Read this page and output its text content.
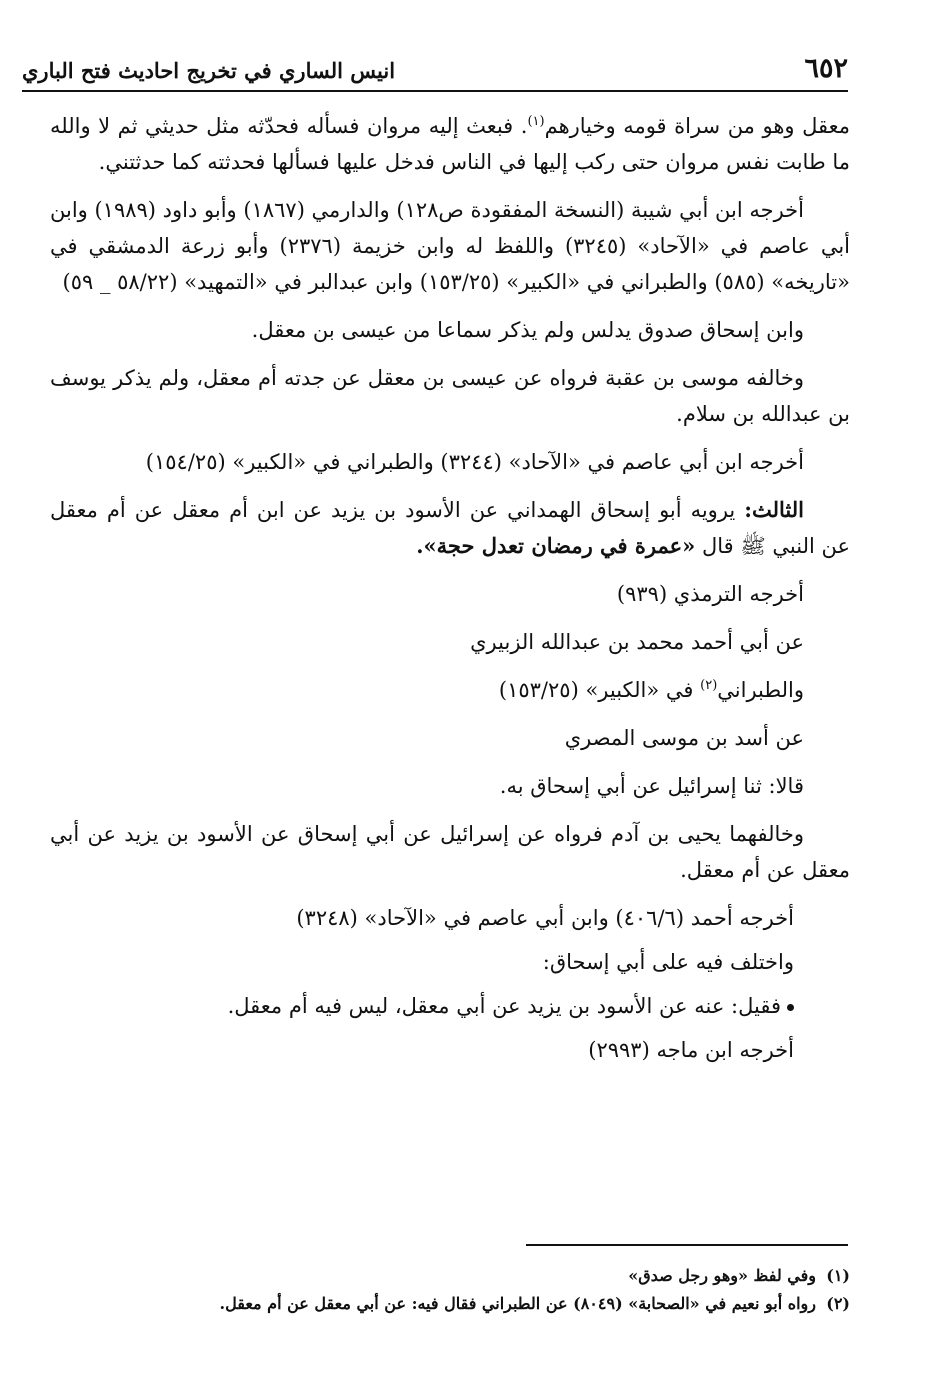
٦٥٢
انيس الساري في تخريج احاديث فتح الباري

معقل وهو من سراة قومه وخيارهم$^{(١)}$. فبعث إليه مروان فسأله فحدّثه مثل حديثي ثم لا والله ما طابت نفس مروان حتى ركب إليها في الناس فدخل عليها فسألها فحدثته كما حدثتني.

أخرجه ابن أبي شيبة (النسخة المفقودة ص١٢٨) والدارمي (١٨٦٧) وأبو داود (١٩٨٩) وابن أبي عاصم في «الآحاد» (٣٢٤٥) واللفظ له وابن خزيمة (٢٣٧٦) وأبو زرعة الدمشقي في «تاريخه» (٥٨٥) والطبراني في «الكبير» (١٥٣/٢٥) وابن عبدالبر في «التمهيد» (٥٨/٢٢ _ ٥٩)

وابن إسحاق صدوق يدلس ولم يذكر سماعا من عيسى بن معقل.

وخالفه موسى بن عقبة فرواه عن عيسى بن معقل عن جدته أم معقل، ولم يذكر يوسف بن عبدالله بن سلام.

أخرجه ابن أبي عاصم في «الآحاد» (٣٢٤٤) والطبراني في «الكبير» (١٥٤/٢٥)

الثالث: يرويه أبو إسحاق الهمداني عن الأسود بن يزيد عن ابن أم معقل عن أم معقل عن النبي ﷺ قال «عمرة في رمضان تعدل حجة».

أخرجه الترمذي (٩٣٩)

عن أبي أحمد محمد بن عبدالله الزبيري

والطبراني$^{(٢)}$ في «الكبير» (١٥٣/٢٥)

عن أسد بن موسى المصري

قالا: ثنا إسرائيل عن أبي إسحاق به.

وخالفهما يحيى بن آدم فرواه عن إسرائيل عن أبي إسحاق عن الأسود بن يزيد عن أبي معقل عن أم معقل.

أخرجه أحمد (٤٠٦/٦) وابن أبي عاصم في «الآحاد» (٣٢٤٨)

واختلف فيه على أبي إسحاق:

فقيل: عنه عن الأسود بن يزيد عن أبي معقل، ليس فيه أم معقل.

أخرجه ابن ماجه (٢٩٩٣)

(١)وفي لفظ «وهو رجل صدق»
(٢)رواه أبو نعيم في «الصحابة» (٨٠٤٩) عن الطبراني فقال فيه: عن أبي معقل عن أم معقل.
